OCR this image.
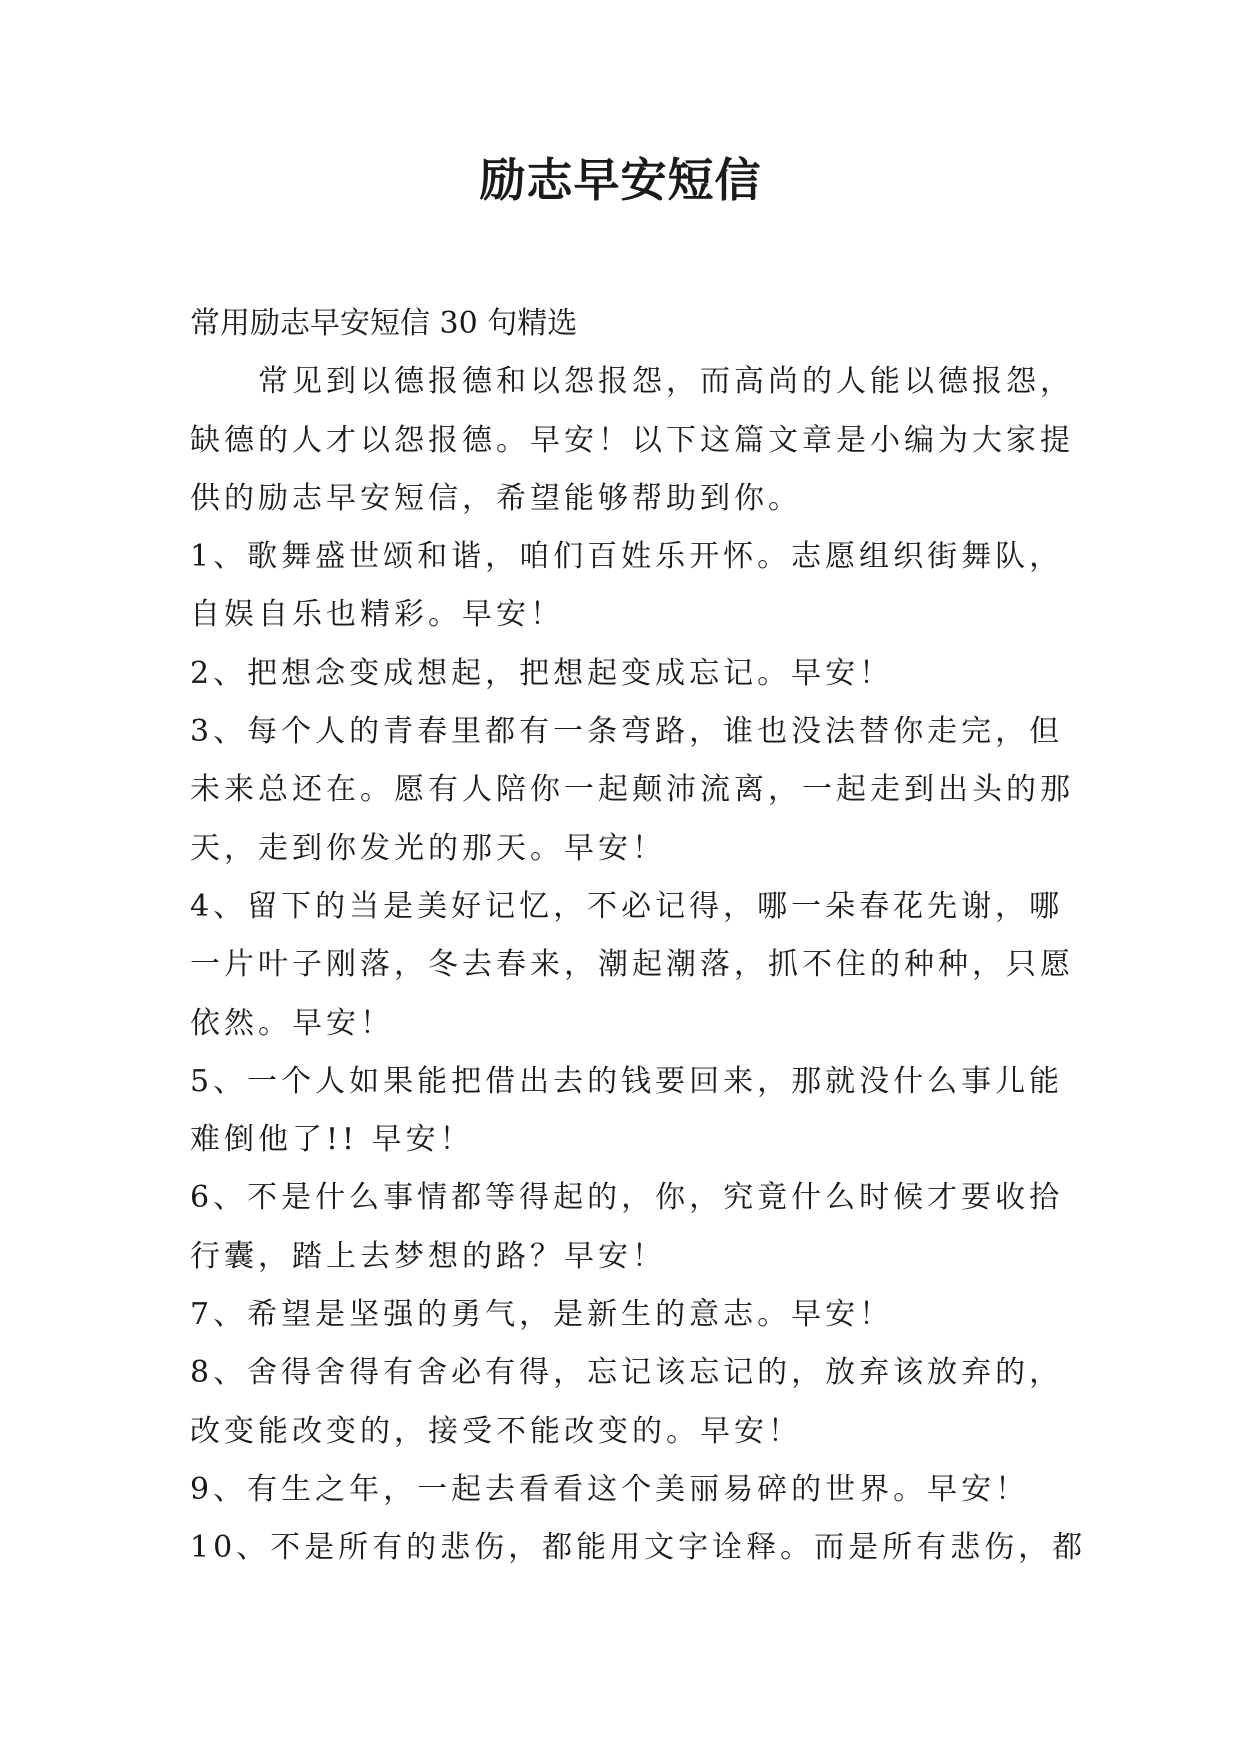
励志早安短信
常用励志早安短信 30 句精选
常见到以德报德和以怨报怨，而高尚的人能以德报怨，
缺德的人才以怨报德。早安！以下这篇文章是小编为大家提
供的励志早安短信，希望能够帮助到你。
1、歌舞盛世颂和谐，咱们百姓乐开怀。志愿组织街舞队，
自娱自乐也精彩。早安！
2、把想念变成想起，把想起变成忘记。早安！
3、每个人的青春里都有一条弯路，谁也没法替你走完，但
未来总还在。愿有人陪你一起颠沛流离，一起走到出头的那
天，走到你发光的那天。早安！
4、留下的当是美好记忆，不必记得，哪一朵春花先谢，哪
一片叶子刚落，冬去春来，潮起潮落，抓不住的种种，只愿
依然。早安！
5、一个人如果能把借出去的钱要回来，那就没什么事儿能
难倒他了!! 早安！
6、不是什么事情都等得起的，你，究竟什么时候才要收拾
行囊，踏上去梦想的路？早安！
7、希望是坚强的勇气，是新生的意志。早安！
8、舍得舍得有舍必有得，忘记该忘记的，放弃该放弃的，
改变能改变的，接受不能改变的。早安！
9、有生之年，一起去看看这个美丽易碎的世界。早安！
10、不是所有的悲伤，都能用文字诠释。而是所有悲伤，都
